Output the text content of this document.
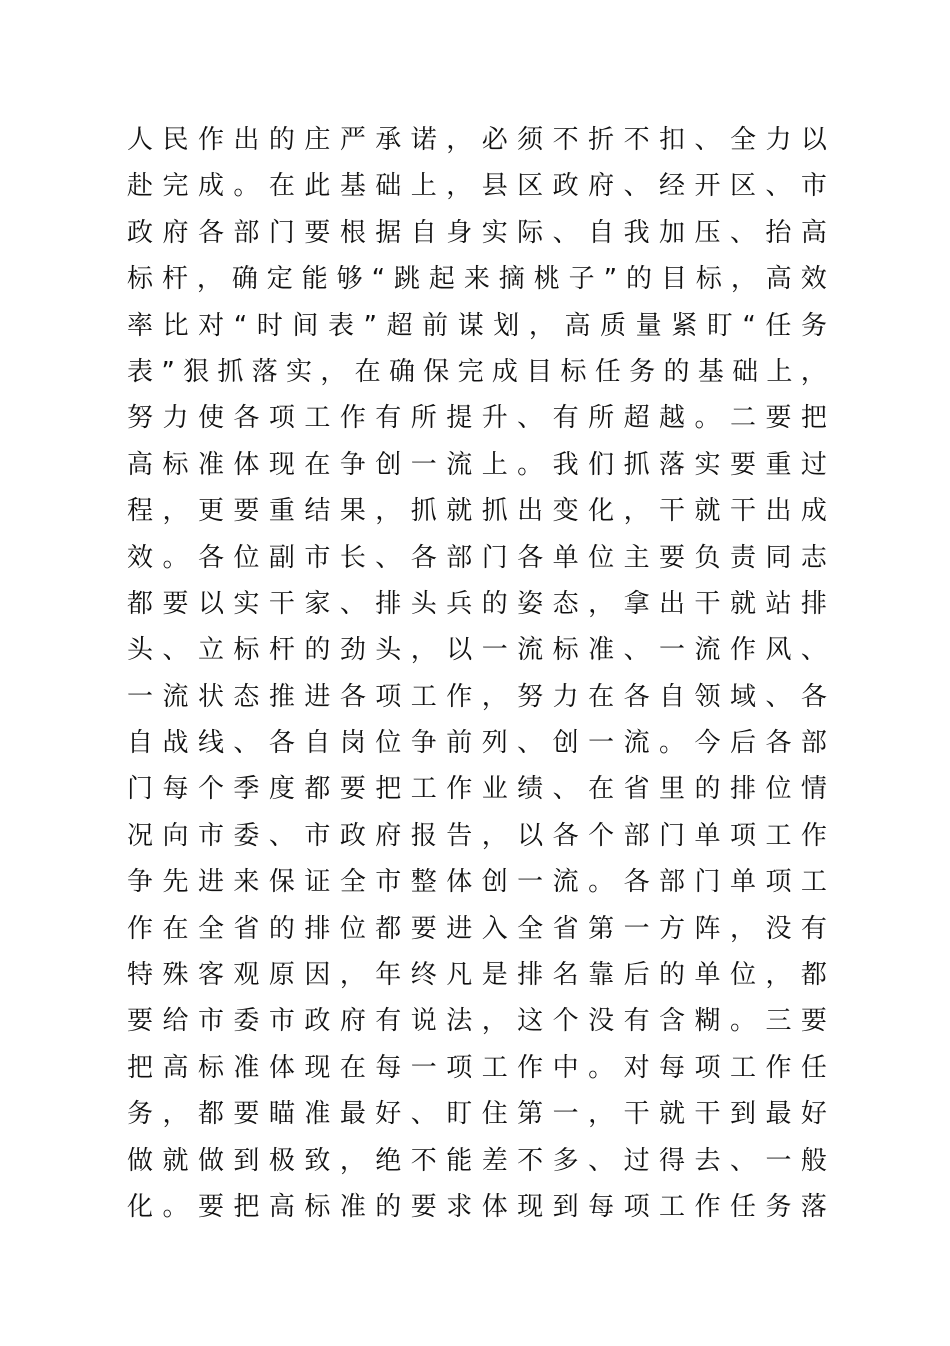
人 民 作 出 的 庄 严 承 诺 ， 必 须 不 折 不 扣 、 全 力 以
赴 完 成 。 在 此 基 础 上 ， 县 区 政 府 、 经 开 区 、 市
政 府 各 部 门 要 根 据 自 身 实 际 、 自 我 加 压 、 抬 高
标 杆 ， 确 定 能 够 “ 跳 起 来 摘 桃 子 ” 的 目 标 ， 高 效
率 比 对 “ 时 间 表 ” 超 前 谋 划 ， 高 质 量 紧 盯 “ 任 务
表 ” 狠 抓 落 实 ， 在 确 保 完 成 目 标 任 务 的 基 础 上 ，
努 力 使 各 项 工 作 有 所 提 升 、 有 所 超 越 。 二 要 把
高 标 准 体 现 在 争 创 一 流 上 。 我 们 抓 落 实 要 重 过
程 ， 更 要 重 结 果 ， 抓 就 抓 出 变 化 ， 干 就 干 出 成
效 。 各 位 副 市 长 、 各 部 门 各 单 位 主 要 负 责 同 志
都 要 以 实 干 家 、 排 头 兵 的 姿 态 ， 拿 出 干 就 站 排
头 、 立 标 杆 的 劲 头 ， 以 一 流 标 准 、 一 流 作 风 、
一 流 状 态 推 进 各 项 工 作 ， 努 力 在 各 自 领 域 、 各
自 战 线 、 各 自 岗 位 争 前 列 、 创 一 流 。 今 后 各 部
门 每 个 季 度 都 要 把 工 作 业 绩 、 在 省 里 的 排 位 情
况 向 市 委 、 市 政 府 报 告 ， 以 各 个 部 门 单 项 工 作
争 先 进 来 保 证 全 市 整 体 创 一 流 。 各 部 门 单 项 工
作 在 全 省 的 排 位 都 要 进 入 全 省 第 一 方 阵 ， 没 有
特 殊 客 观 原 因 ， 年 终 凡 是 排 名 靠 后 的 单 位 ， 都
要 给 市 委 市 政 府 有 说 法 ， 这 个 没 有 含 糊 。 三 要
把 高 标 准 体 现 在 每 一 项 工 作 中 。 对 每 项 工 作 任
务 ， 都 要 瞄 准 最 好 、 盯 住 第 一 ， 干 就 干 到 最 好
做 就 做 到 极 致 ， 绝 不 能 差 不 多 、 过 得 去 、 一 般
化 。 要 把 高 标 准 的 要 求 体 现 到 每 项 工 作 任 务 落
